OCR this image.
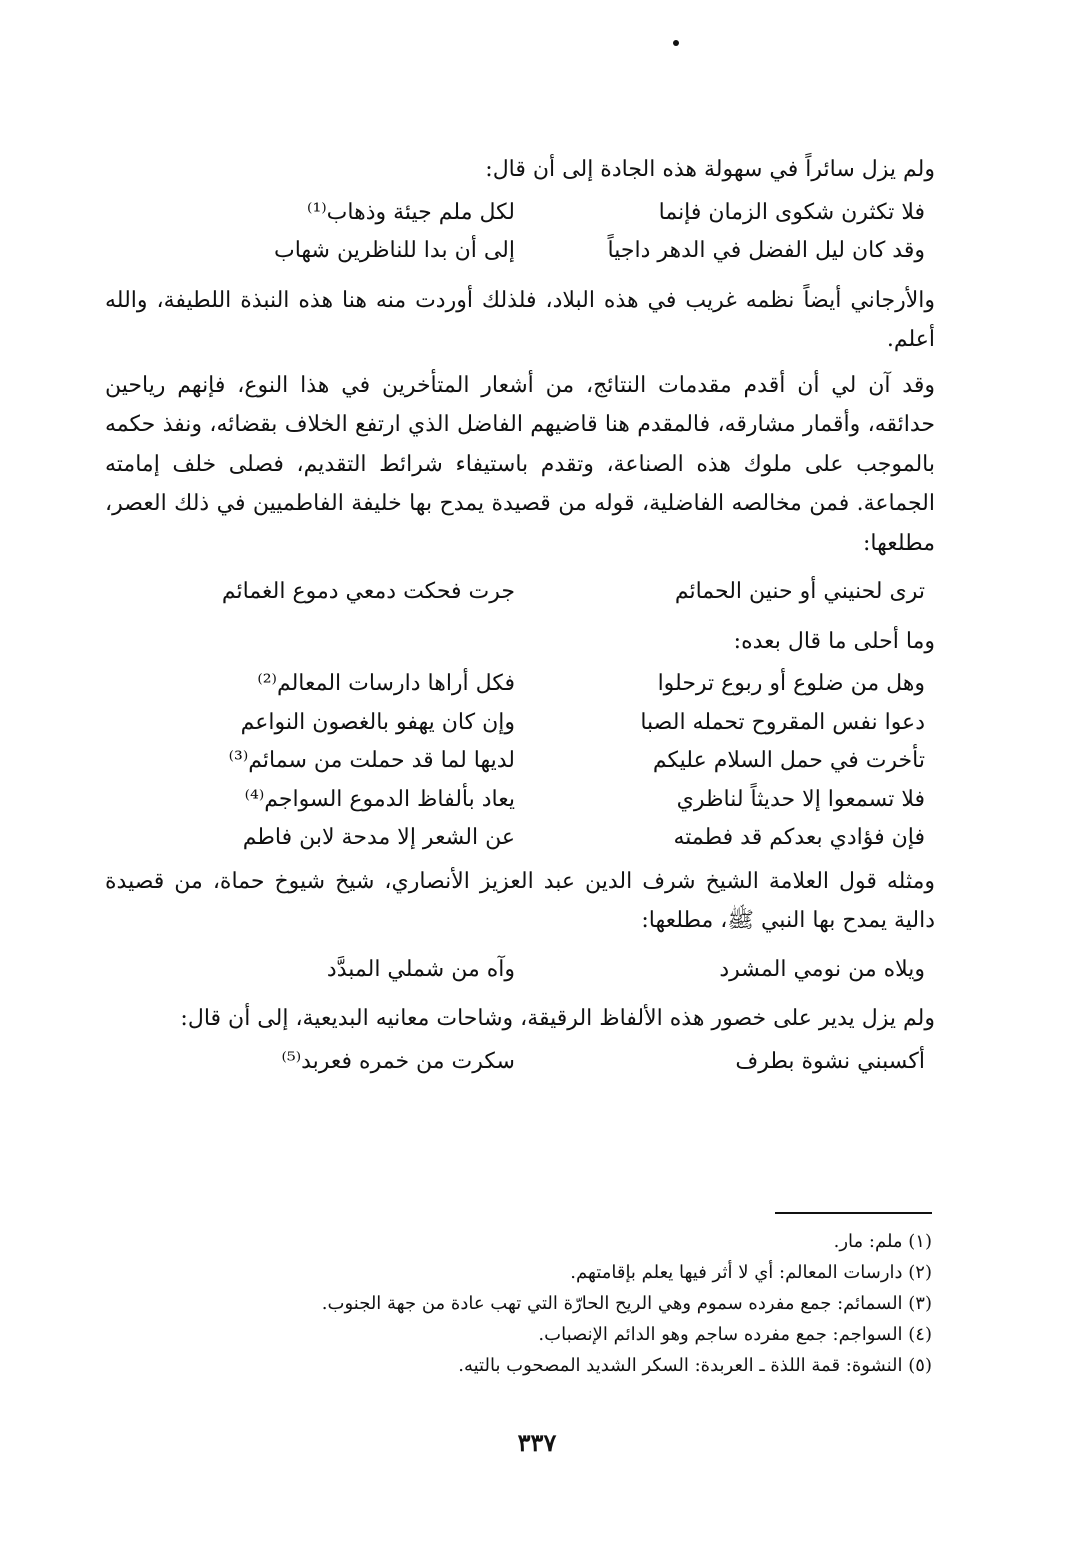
ولم يزل سائراً في سهولة هذه الجادة إلى أن قال:

فلا تكثرن شكوى الزمان فإنما
لكل ملم جيئة وذهاب⁽¹⁾
وقد كان ليل الفضل في الدهر داجياً
إلى أن بدا للناظرين شهاب

والأرجاني أيضاً نظمه غريب في هذه البلاد، فلذلك أوردت منه هنا هذه النبذة اللطيفة، والله أعلم.

وقد آن لي أن أقدم مقدمات النتائج، من أشعار المتأخرين في هذا النوع، فإنهم رياحين حدائقه، وأقمار مشارقه، فالمقدم هنا قاضيهم الفاضل الذي ارتفع الخلاف بقضائه، ونفذ حكمه بالموجب على ملوك هذه الصناعة، وتقدم باستيفاء شرائط التقديم، فصلى خلف إمامته الجماعة. فمن مخالصه الفاضلية، قوله من قصيدة يمدح بها خليفة الفاطميين في ذلك العصر، مطلعها:

ترى لحنيني أو حنين الحمائم
جرت فحكت دمعي دموع الغمائم

وما أحلى ما قال بعده:

وهل من ضلوع أو ربوع ترحلوا
فكل أراها دارسات المعالم⁽²⁾
دعوا نفس المقروح تحمله الصبا
وإن كان يهفو بالغصون النواعم
تأخرت في حمل السلام عليكم
لديها لما قد حملت من سمائم⁽³⁾
فلا تسمعوا إلا حديثاً لناظري
يعاد بألفاظ الدموع السواجم⁽⁴⁾
فإن فؤادي بعدكم قد فطمته
عن الشعر إلا مدحة لابن فاطم

ومثله قول العلامة الشيخ شرف الدين عبد العزيز الأنصاري، شيخ شيوخ حماة، من قصيدة دالية يمدح بها النبي ﷺ، مطلعها:

ويلاه من نومي المشرد
وآه من شملي المبدَّد

ولم يزل يدير على خصور هذه الألفاظ الرقيقة، وشاحات معانيه البديعية، إلى أن قال:

أكسبني نشوة بطرف
سكرت من خمره فعربد⁽⁵⁾

(١) ملم: مار.

(٢) دارسات المعالم: أي لا أثر فيها يعلم بإقامتهم.

(٣) السمائم: جمع مفرده سموم وهي الريح الحارّة التي تهب عادة من جهة الجنوب.

(٤) السواجم: جمع مفرده ساجم وهو الدائم الإنصباب.

(٥) النشوة: قمة اللذة ـ العربدة: السكر الشديد المصحوب بالتيه.

٣٣٧
